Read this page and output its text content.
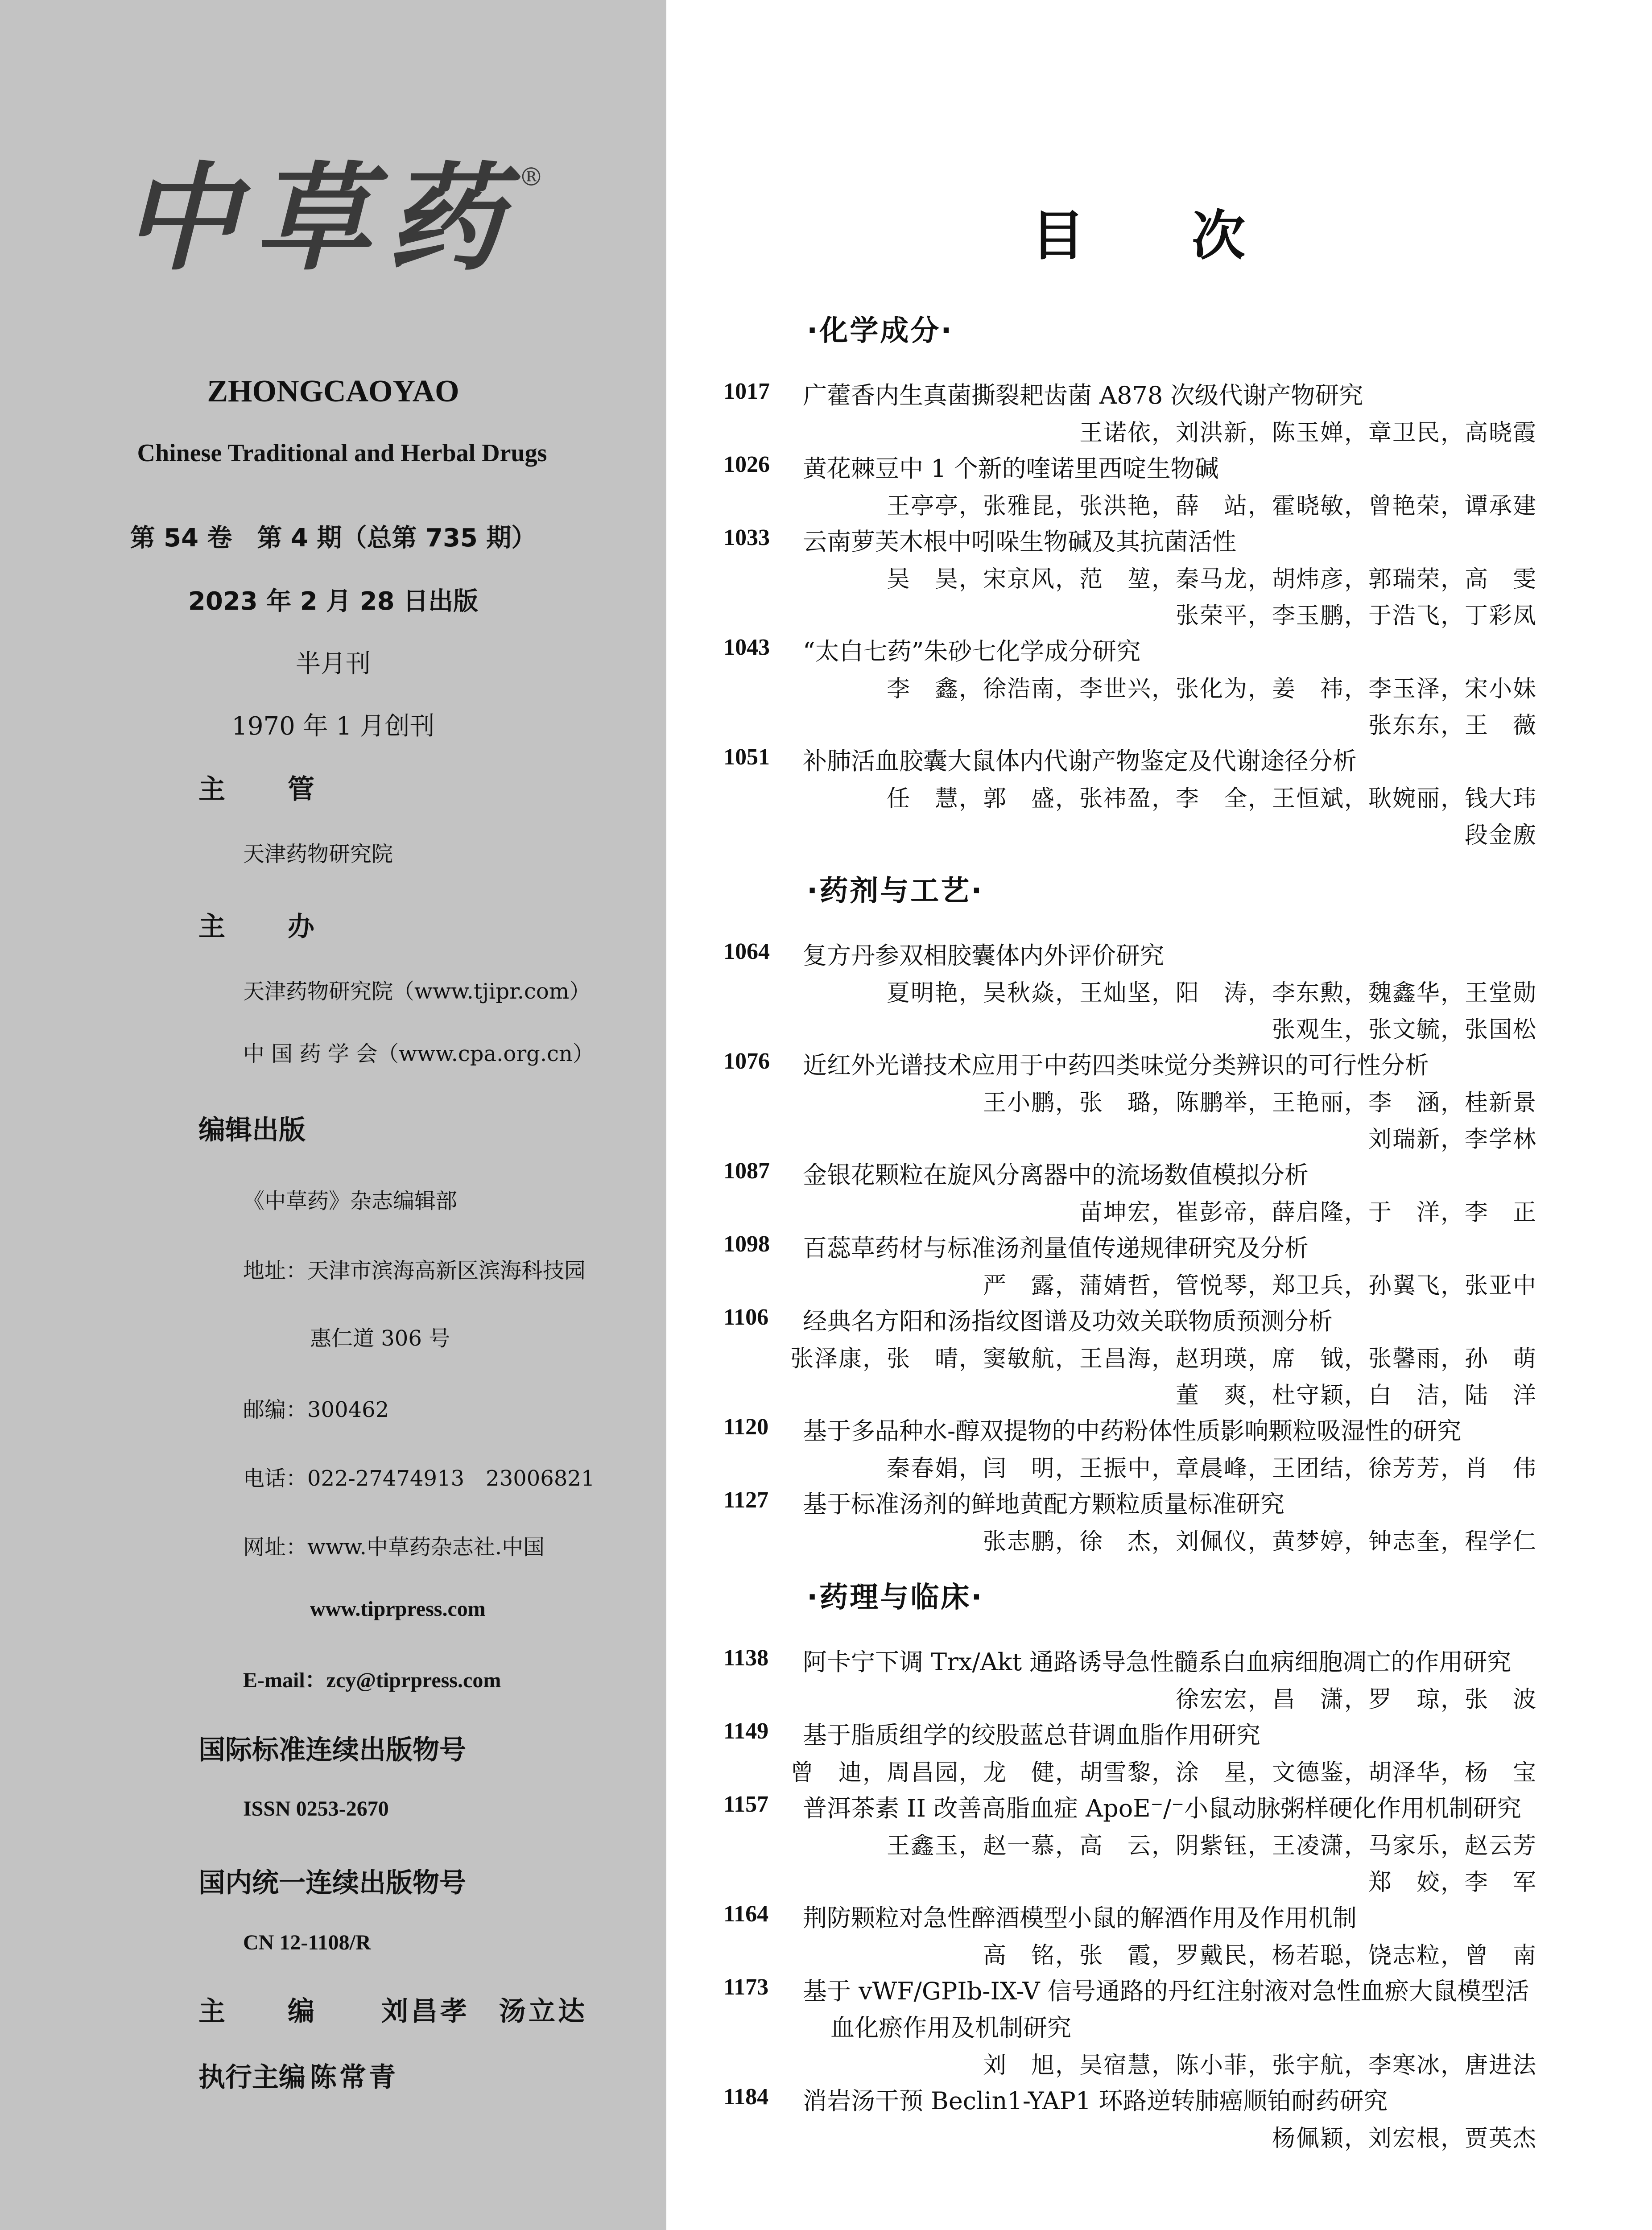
中草药®
ZHONGCAOYAO
Chinese Traditional and Herbal Drugs
第 54 卷　第 4 期（总第 735 期）
2023 年 2 月 28 日出版
半月刊
1970 年 1 月创刊
主管
天津药物研究院
主办
天津药物研究院（www.tjipr.com）
中 国 药 学 会（www.cpa.org.cn）
编辑出版
《中草药》杂志编辑部
地址：天津市滨海高新区滨海科技园
惠仁道 306 号
邮编：300462
电话：022-27474913　23006821
网址：www.中草药杂志社.中国
www.tiprpress.com
E-mail：zcy@tiprpress.com
国际标准连续出版物号
ISSN 0253-2670
国内统一连续出版物号
CN 12-1108/R
主编 刘昌孝　汤立达
执行主编 陈常青
目次
·化学成分·
1017 广藿香内生真菌撕裂耙齿菌 A878 次级代谢产物研究
王诺依，刘洪新，陈玉婵，章卫民，高晓霞
1026 黄花棘豆中 1 个新的喹诺里西啶生物碱
王亭亭，张雅昆，张洪艳，薛　站，霍晓敏，曾艳荣，谭承建
1033 云南萝芙木根中吲哚生物碱及其抗菌活性
吴　昊，宋京风，范　堃，秦马龙，胡炜彦，郭瑞荣，高　雯
张荣平，李玉鹏，于浩飞，丁彩凤
1043 “太白七药”朱砂七化学成分研究
李　鑫，徐浩南，李世兴，张化为，姜　祎，李玉泽，宋小妹
张东东，王　薇
1051 补肺活血胶囊大鼠体内代谢产物鉴定及代谢途径分析
任　慧，郭　盛，张祎盈，李　全，王恒斌，耿婉丽，钱大玮
段金廒
·药剂与工艺·
1064 复方丹参双相胶囊体内外评价研究
夏明艳，吴秋焱，王灿坚，阳　涛，李东勲，魏鑫华，王堂勋
张观生，张文毓，张国松
1076 近红外光谱技术应用于中药四类味觉分类辨识的可行性分析
王小鹏，张　璐，陈鹏举，王艳丽，李　涵，桂新景
刘瑞新，李学林
1087 金银花颗粒在旋风分离器中的流场数值模拟分析
苗坤宏，崔彭帝，薛启隆，于　洋，李　正
1098 百蕊草药材与标准汤剂量值传递规律研究及分析
严　露，蒲婧哲，管悦琴，郑卫兵，孙翼飞，张亚中
1106 经典名方阳和汤指纹图谱及功效关联物质预测分析
张泽康，张　晴，窦敏航，王昌海，赵玥瑛，席　钺，张馨雨，孙　萌
董　爽，杜守颖，白　洁，陆　洋
1120 基于多品种水-醇双提物的中药粉体性质影响颗粒吸湿性的研究
秦春娟，闫　明，王振中，章晨峰，王团结，徐芳芳，肖　伟
1127 基于标准汤剂的鲜地黄配方颗粒质量标准研究
张志鹏，徐　杰，刘佩仪，黄梦婷，钟志奎，程学仁
·药理与临床·
1138 阿卡宁下调 Trx/Akt 通路诱导急性髓系白血病细胞凋亡的作用研究
徐宏宏，昌　潇，罗　琼，张　波
1149 基于脂质组学的绞股蓝总苷调血脂作用研究
曾　迪，周昌园，龙　健，胡雪黎，涂　星，文德鉴，胡泽华，杨　宝
1157 普洱茶素 II 改善高脂血症 ApoE⁻/⁻小鼠动脉粥样硬化作用机制研究
王鑫玉，赵一慕，高　云，阴紫钰，王凌潇，马家乐，赵云芳
郑　姣，李　军
1164 荆防颗粒对急性醉酒模型小鼠的解酒作用及作用机制
高　铭，张　霞，罗戴民，杨若聪，饶志粒，曾　南
1173 基于 vWF/GPIb-IX-V 信号通路的丹红注射液对急性血瘀大鼠模型活
血化瘀作用及机制研究
刘　旭，吴宿慧，陈小菲，张宇航，李寒冰，唐进法
1184 消岩汤干预 Beclin1-YAP1 环路逆转肺癌顺铂耐药研究
杨佩颖，刘宏根，贾英杰
